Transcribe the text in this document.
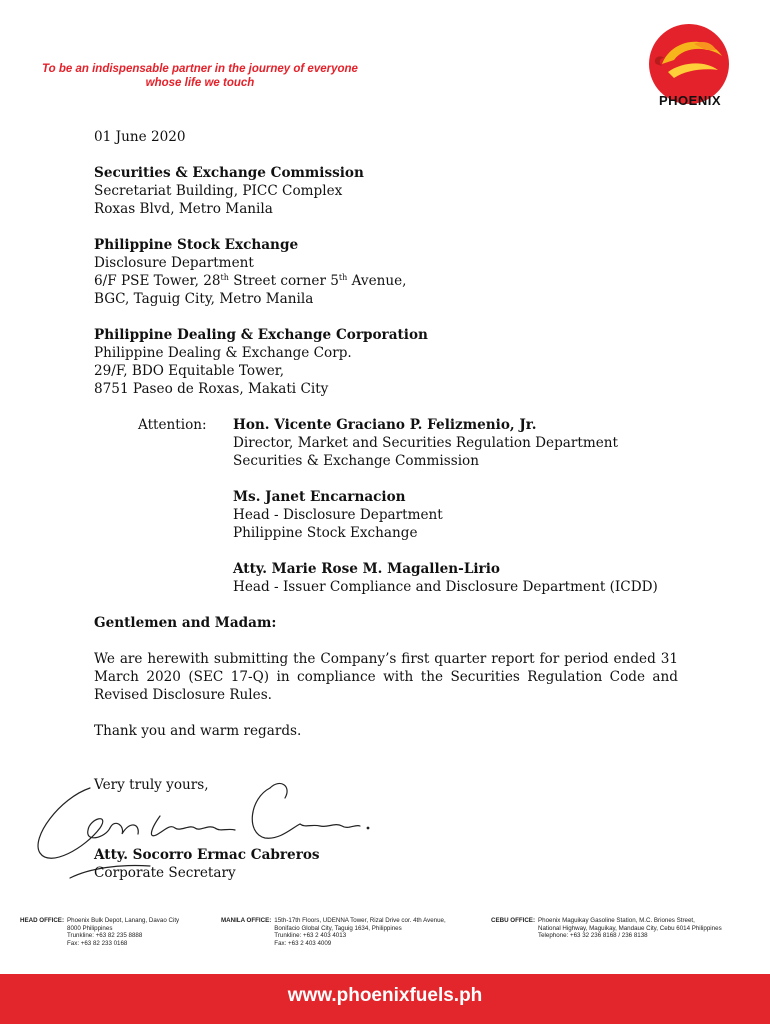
To be an indispensable partner in the journey of everyone
whose life we touch
PHOENIX

01 June 2020

Securities & Exchange Commission

Secretariat Building, PICC Complex

Roxas Blvd, Metro Manila

Philippine Stock Exchange

Disclosure Department

6/F PSE Tower, 28th Street corner 5th Avenue,

BGC, Taguig City, Metro Manila

Philippine Dealing & Exchange Corporation

Philippine Dealing & Exchange Corp.

29/F, BDO Equitable Tower,

8751 Paseo de Roxas, Makati City

Attention:	Hon. Vicente Graciano P. Felizmenio, Jr.

Director, Market and Securities Regulation Department

Securities & Exchange Commission

Ms. Janet Encarnacion

Head - Disclosure Department

Philippine Stock Exchange

Atty. Marie Rose M. Magallen-Lirio

Head - Issuer Compliance and Disclosure Department (ICDD)

Gentlemen and Madam:

We are herewith submitting the Company’s first quarter report for period ended 31 March 2020 (SEC 17-Q) in compliance with the Securities Regulation Code and Revised Disclosure Rules.

Thank you and warm regards.

Very truly yours,

Atty. Socorro Ermac Cabreros

Corporate Secretary

HEAD OFFICE: Phoenix Bulk Depot, Lanang, Davao City
8000 Philippines
Trunkline: +63 82 235 8888
Fax: +63 82 233 0168
MANILA OFFICE: 15th-17th Floors, UDENNA Tower, Rizal Drive cor. 4th Avenue,
Bonifacio Global City, Taguig 1634, Philippines
Trunkline: +63 2 403 4013
Fax: +63 2 403 4009
CEBU OFFICE: Phoenix Maguikay Gasoline Station, M.C. Briones Street,
National Highway, Maguikay, Mandaue City, Cebu 6014 Philippines
Telephone: +63 32 236 8168 / 236 8138
www.phoenixfuels.ph
